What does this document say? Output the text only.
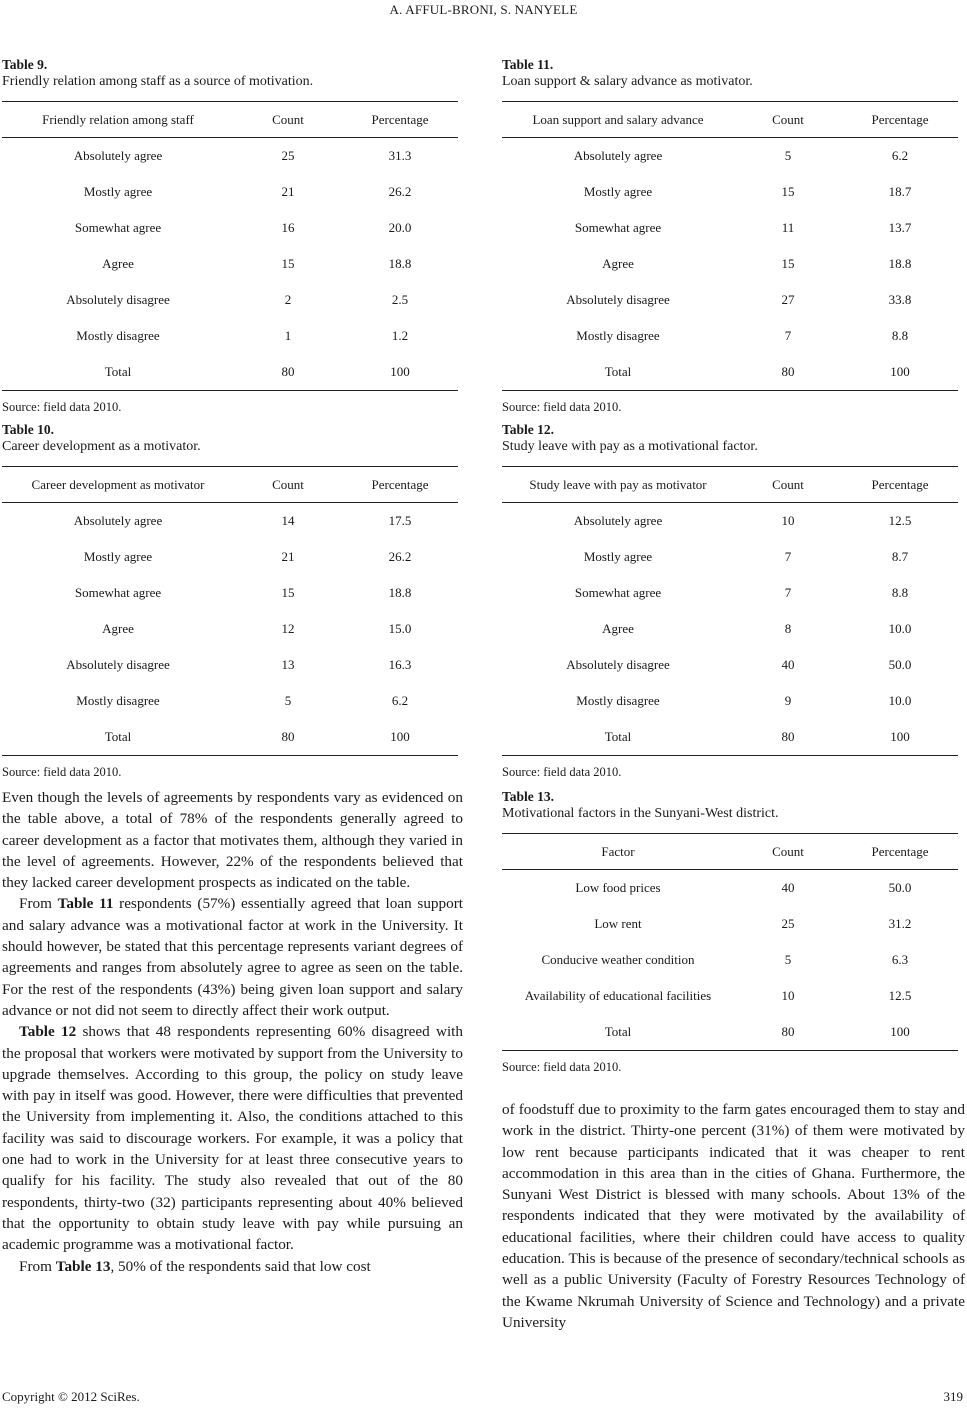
A. AFFUL-BRONI, S. NANYELE
Table 9.
Friendly relation among staff as a source of motivation.
Friendly relation among staff	Count	Percentage
Absolutely agree	25	31.3
Mostly agree	21	26.2
Somewhat agree	16	20.0
Agree	15	18.8
Absolutely disagree	2	2.5
Mostly disagree	1	1.2
Total	80	100
Source: field data 2010.
Table 10.
Career development as a motivator.
Career development as motivator	Count	Percentage
Absolutely agree	14	17.5
Mostly agree	21	26.2
Somewhat agree	15	18.8
Agree	12	15.0
Absolutely disagree	13	16.3
Mostly disagree	5	6.2
Total	80	100
Source: field data 2010.

Even though the levels of agreements by respondents vary as evidenced on the table above, a total of 78% of the respondents generally agreed to career development as a factor that motivates them, although they varied in the level of agreements. However, 22% of the respondents believed that they lacked career development prospects as indicated on the table.

From Table 11 respondents (57%) essentially agreed that loan support and salary advance was a motivational factor at work in the University. It should however, be stated that this percentage represents variant degrees of agreements and ranges from absolutely agree to agree as seen on the table. For the rest of the respondents (43%) being given loan support and salary advance or not did not seem to directly affect their work output.

Table 12 shows that 48 respondents representing 60% disagreed with the proposal that workers were motivated by support from the University to upgrade themselves. According to this group, the policy on study leave with pay in itself was good. However, there were difficulties that prevented the University from implementing it. Also, the conditions attached to this facility was said to discourage workers. For example, it was a policy that one had to work in the University for at least three consecutive years to qualify for his facility. The study also revealed that out of the 80 respondents, thirty-two (32) participants representing about 40% believed that the opportunity to obtain study leave with pay while pursuing an academic programme was a motivational factor.

From Table 13, 50% of the respondents said that low cost

Table 11.
Loan support & salary advance as motivator.
Loan support and salary advance	Count	Percentage
Absolutely agree	5	6.2
Mostly agree	15	18.7
Somewhat agree	11	13.7
Agree	15	18.8
Absolutely disagree	27	33.8
Mostly disagree	7	8.8
Total	80	100
Source: field data 2010.
Table 12.
Study leave with pay as a motivational factor.
Study leave with pay as motivator	Count	Percentage
Absolutely agree	10	12.5
Mostly agree	7	8.7
Somewhat agree	7	8.8
Agree	8	10.0
Absolutely disagree	40	50.0
Mostly disagree	9	10.0
Total	80	100
Source: field data 2010.
Table 13.
Motivational factors in the Sunyani-West district.
Factor	Count	Percentage
Low food prices	40	50.0
Low rent	25	31.2
Conducive weather condition	5	6.3
Availability of educational facilities	10	12.5
Total	80	100
Source: field data 2010.

of foodstuff due to proximity to the farm gates encouraged them to stay and work in the district. Thirty-one percent (31%) of them were motivated by low rent because participants indicated that it was cheaper to rent accommodation in this area than in the cities of Ghana. Furthermore, the Sunyani West District is blessed with many schools. About 13% of the respondents indicated that they were motivated by the availability of educational facilities, where their children could have access to quality education. This is because of the presence of secondary/technical schools as well as a public University (Faculty of Forestry Resources Technology of the Kwame Nkrumah University of Science and Technology) and a private University

Copyright © 2012 SciRes.	319
